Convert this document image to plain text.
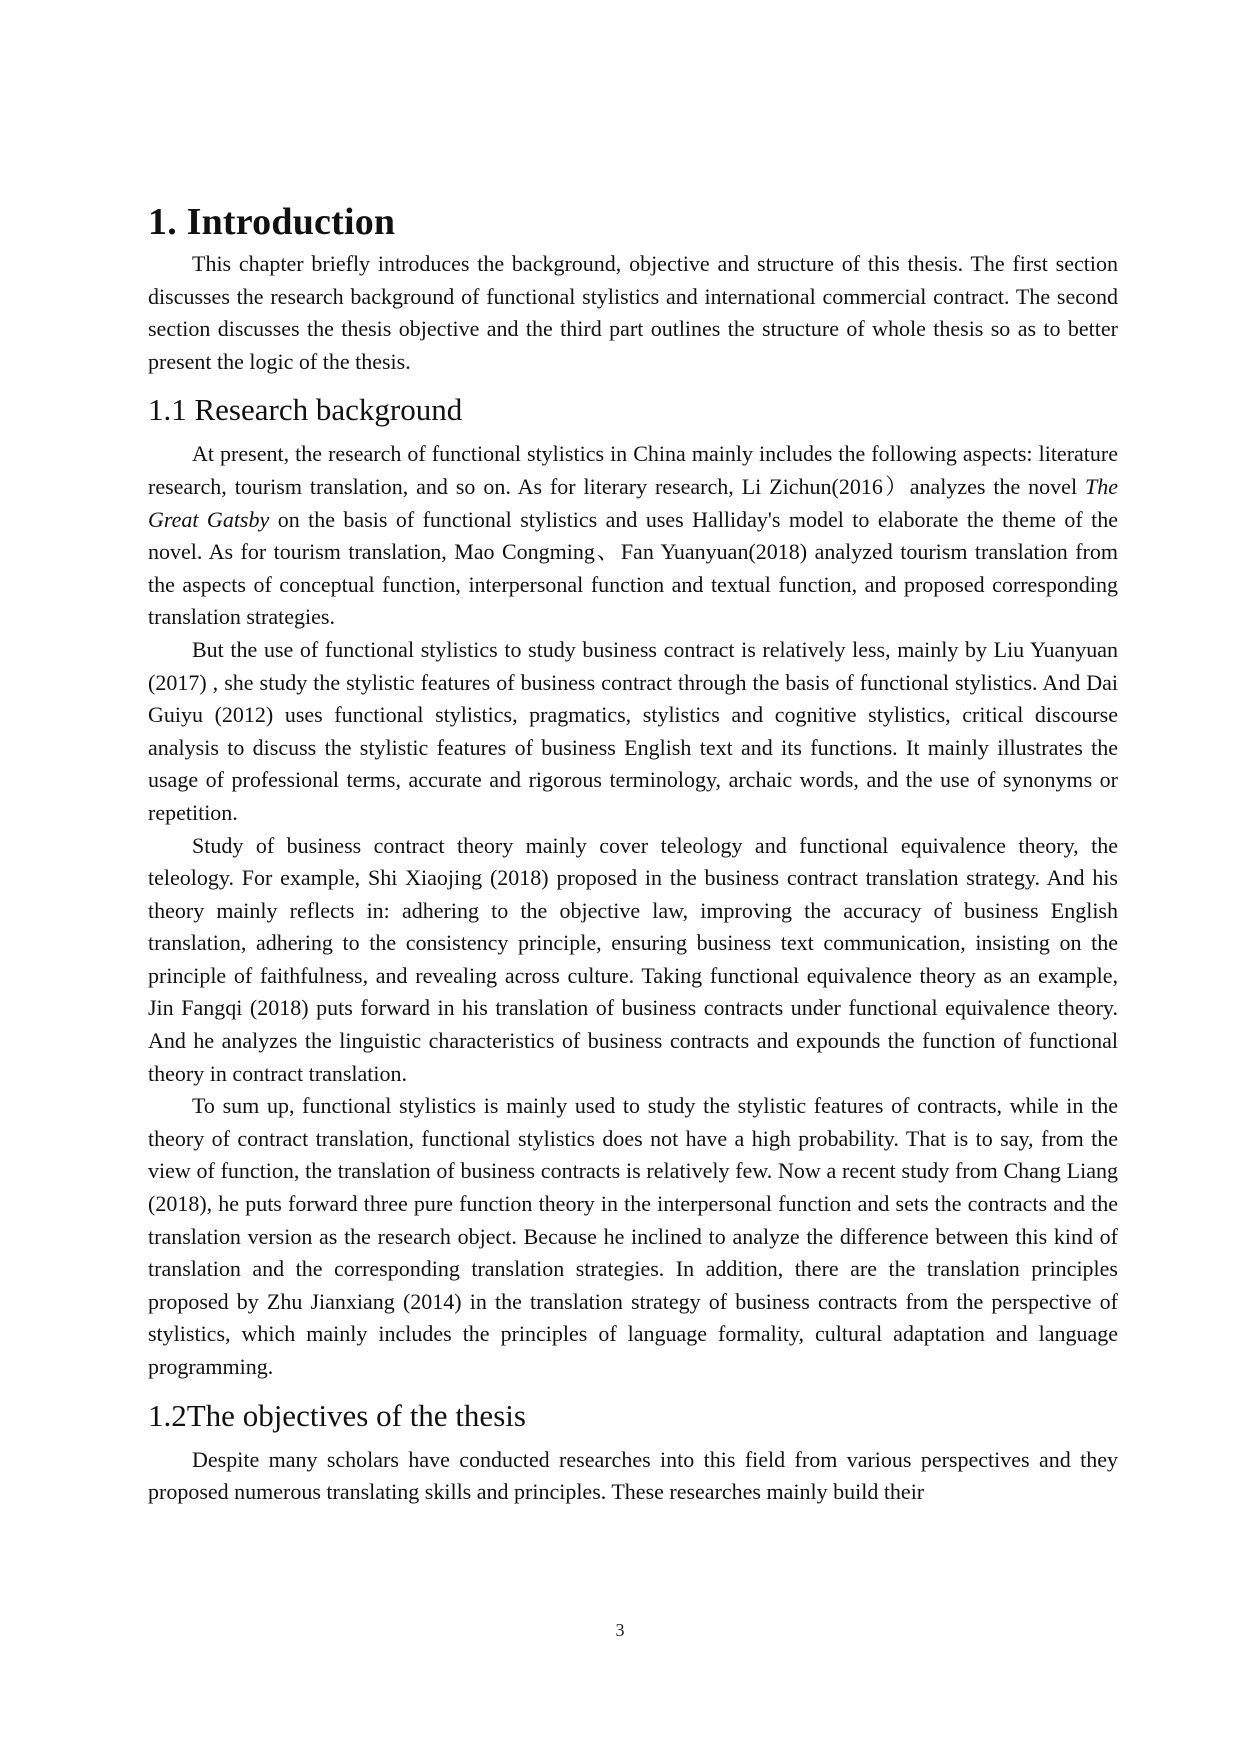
1. Introduction

This chapter briefly introduces the background, objective and structure of this thesis. The first section discusses the research background of functional stylistics and international commercial contract. The second section discusses the thesis objective and the third part outlines the structure of whole thesis so as to better present the logic of the thesis.

1.1 Research background

At present, the research of functional stylistics in China mainly includes the following aspects: literature research, tourism translation, and so on. As for literary research, Li Zichun(2016）analyzes the novel The Great Gatsby on the basis of functional stylistics and uses Halliday's model to elaborate the theme of the novel. As for tourism translation, Mao Congming、Fan Yuanyuan(2018) analyzed tourism translation from the aspects of conceptual function, interpersonal function and textual function, and proposed corresponding translation strategies.

But the use of functional stylistics to study business contract is relatively less, mainly by Liu Yuanyuan (2017) , she study the stylistic features of business contract through the basis of functional stylistics. And Dai Guiyu (2012) uses functional stylistics, pragmatics, stylistics and cognitive stylistics, critical discourse analysis to discuss the stylistic features of business English text and its functions. It mainly illustrates the usage of professional terms, accurate and rigorous terminology, archaic words, and the use of synonyms or repetition.

Study of business contract theory mainly cover teleology and functional equivalence theory, the teleology. For example, Shi Xiaojing (2018) proposed in the business contract translation strategy. And his theory mainly reflects in: adhering to the objective law, improving the accuracy of business English translation, adhering to the consistency principle, ensuring business text communication, insisting on the principle of faithfulness, and revealing across culture. Taking functional equivalence theory as an example, Jin Fangqi (2018) puts forward in his translation of business contracts under functional equivalence theory. And he analyzes the linguistic characteristics of business contracts and expounds the function of functional theory in contract translation.

To sum up, functional stylistics is mainly used to study the stylistic features of contracts, while in the theory of contract translation, functional stylistics does not have a high probability. That is to say, from the view of function, the translation of business contracts is relatively few. Now a recent study from Chang Liang (2018), he puts forward three pure function theory in the interpersonal function and sets the contracts and the translation version as the research object. Because he inclined to analyze the difference between this kind of translation and the corresponding translation strategies. In addition, there are the translation principles proposed by Zhu Jianxiang (2014) in the translation strategy of business contracts from the perspective of stylistics, which mainly includes the principles of language formality, cultural adaptation and language programming.

1.2The objectives of the thesis

Despite many scholars have conducted researches into this field from various perspectives and they proposed numerous translating skills and principles. These researches mainly build their

3
